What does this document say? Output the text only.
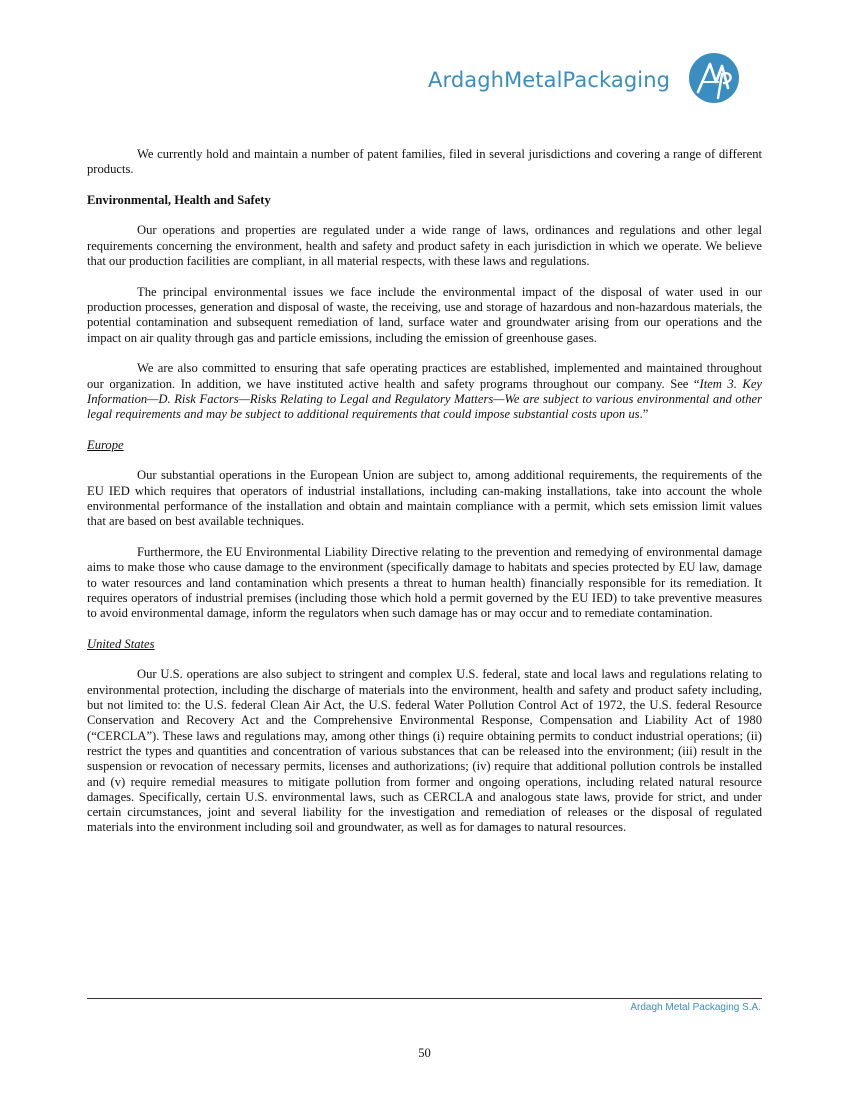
ArdaghMetalPackaging

We currently hold and maintain a number of patent families, filed in several jurisdictions and covering a range of different products.

Environmental, Health and Safety

Our operations and properties are regulated under a wide range of laws, ordinances and regulations and other legal requirements concerning the environment, health and safety and product safety in each jurisdiction in which we operate. We believe that our production facilities are compliant, in all material respects, with these laws and regulations.

The principal environmental issues we face include the environmental impact of the disposal of water used in our production processes, generation and disposal of waste, the receiving, use and storage of hazardous and non-hazardous materials, the potential contamination and subsequent remediation of land, surface water and groundwater arising from our operations and the impact on air quality through gas and particle emissions, including the emission of greenhouse gases.

We are also committed to ensuring that safe operating practices are established, implemented and maintained throughout our organization. In addition, we have instituted active health and safety programs throughout our company. See “Item 3. Key Information—D. Risk Factors—Risks Relating to Legal and Regulatory Matters—We are subject to various environmental and other legal requirements and may be subject to additional requirements that could impose substantial costs upon us.”

Europe

Our substantial operations in the European Union are subject to, among additional requirements, the requirements of the EU IED which requires that operators of industrial installations, including can-making installations, take into account the whole environmental performance of the installation and obtain and maintain compliance with a permit, which sets emission limit values that are based on best available techniques.

Furthermore, the EU Environmental Liability Directive relating to the prevention and remedying of environmental damage aims to make those who cause damage to the environment (specifically damage to habitats and species protected by EU law, damage to water resources and land contamination which presents a threat to human health) financially responsible for its remediation. It requires operators of industrial premises (including those which hold a permit governed by the EU IED) to take preventive measures to avoid environmental damage, inform the regulators when such damage has or may occur and to remediate contamination.

United States

Our U.S. operations are also subject to stringent and complex U.S. federal, state and local laws and regulations relating to environmental protection, including the discharge of materials into the environment, health and safety and product safety including, but not limited to: the U.S. federal Clean Air Act, the U.S. federal Water Pollution Control Act of 1972, the U.S. federal Resource Conservation and Recovery Act and the Comprehensive Environmental Response, Compensation and Liability Act of 1980 (“CERCLA”). These laws and regulations may, among other things (i) require obtaining permits to conduct industrial operations; (ii) restrict the types and quantities and concentration of various substances that can be released into the environment; (iii) result in the suspension or revocation of necessary permits, licenses and authorizations; (iv) require that additional pollution controls be installed and (v) require remedial measures to mitigate pollution from former and ongoing operations, including related natural resource damages. Specifically, certain U.S. environmental laws, such as CERCLA and analogous state laws, provide for strict, and under certain circumstances, joint and several liability for the investigation and remediation of releases or the disposal of regulated materials into the environment including soil and groundwater, as well as for damages to natural resources.

Ardagh Metal Packaging S.A.
50
